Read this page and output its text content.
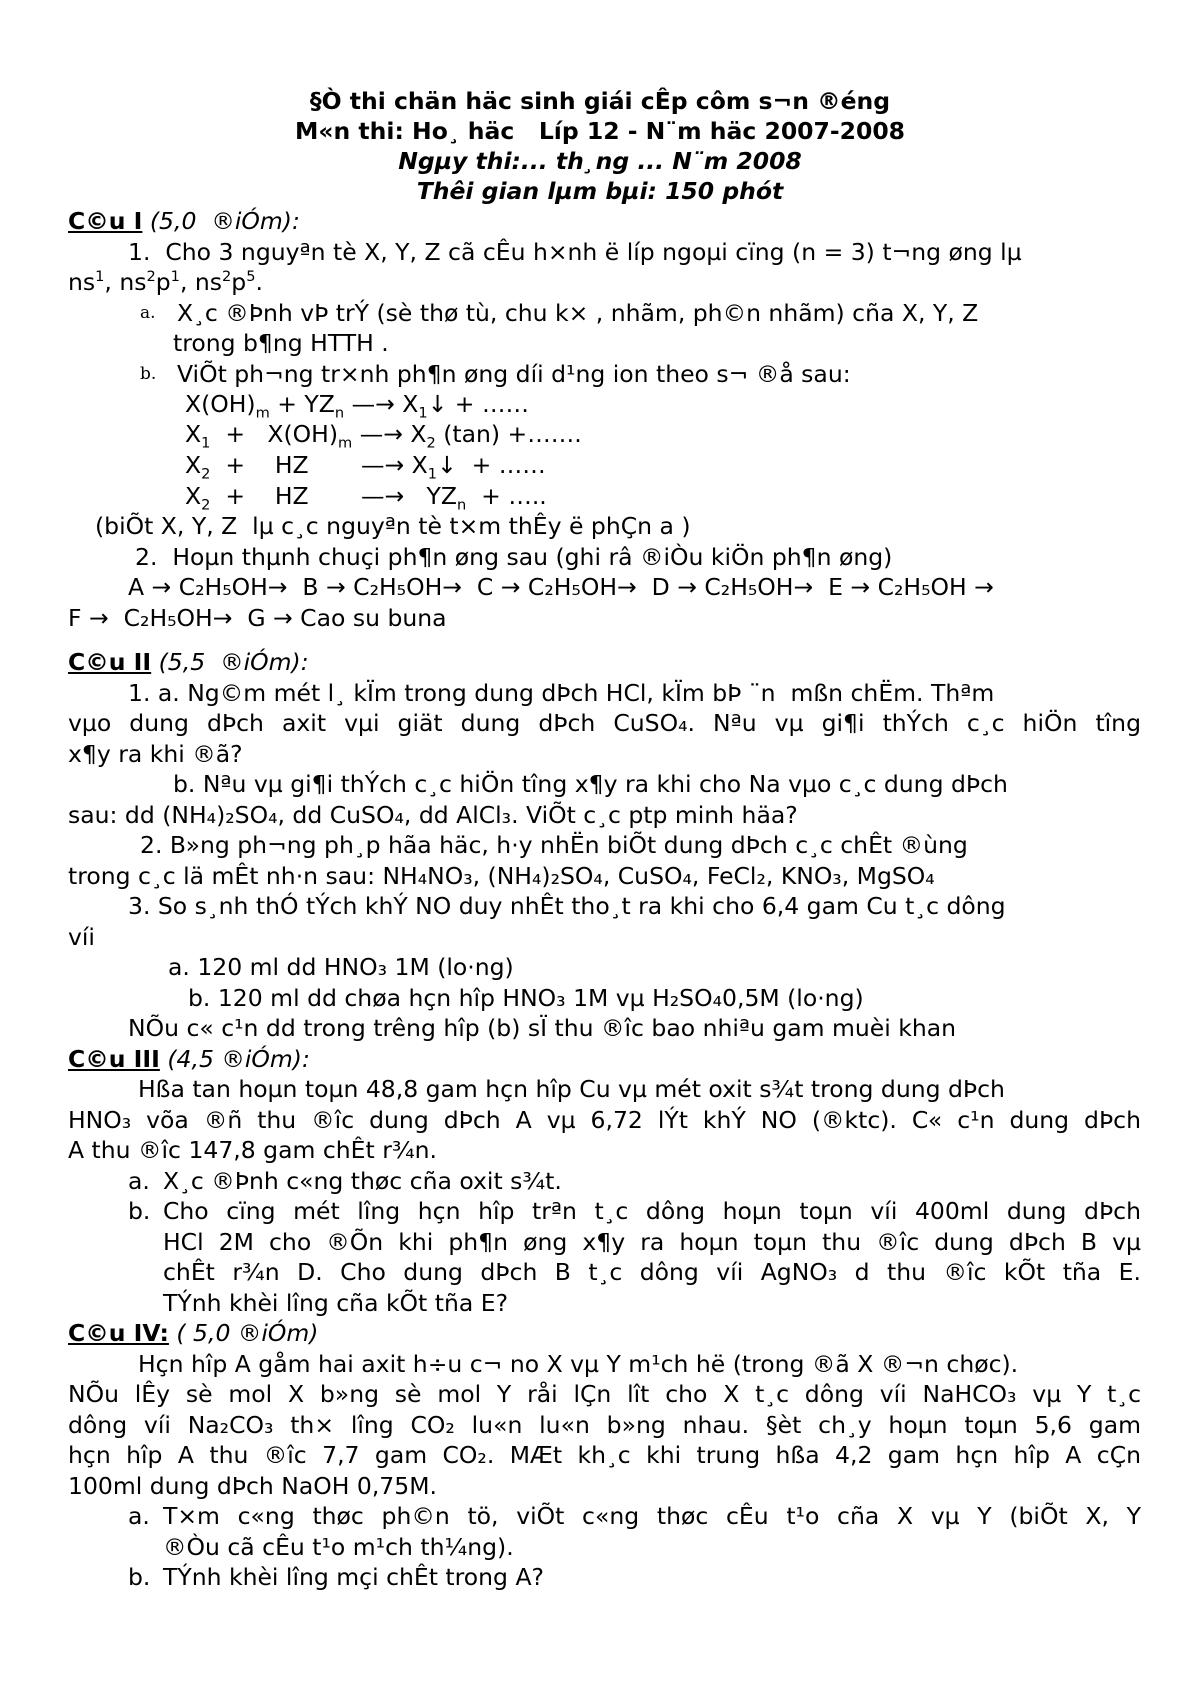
§Ò thi chän häc sinh giái cÊp côm s¬n ®éng
M«n thi: Ho¸ häc   Líp 12 - N¨m häc 2007-2008
Ngµy thi:... th¸ng ... N¨m 2008
Thêi gian lµm bµi: 150 phót
C©u I (5,0  ®iÓm):
1.  Cho 3 nguyªn tè X, Y, Z cã cÊu h×nh ë líp ngoµi cïng (n = 3) t¬ng øng lµ
$ns^1$, $ns^2p^1$, $ns^2p^5$.
a. X¸c ®Þnh vÞ trÝ (sè thø tù, chu k× , nhãm, ph©n nhãm) cña X, Y, Z
trong b¶ng HTTH .
b. ViÕt ph¬ng tr×nh ph¶n øng díi d¹ng ion theo s¬ ®å sau:
$X(OH)_m + YZ_n$ —→ $X_1↓$ + ……
$X_1 + X(OH)_m$ —→ $X_2$ (tan) +…….
$X_2$  +    HZ       —→ $X_1↓$  + ……
$X_2$  +    HZ       —→   $YZ_n$  + …..
(biÕt X, Y, Z  lµ c¸c nguyªn tè t×m thÊy ë phÇn a )
2.  Hoµn thµnh chuçi ph¶n øng sau (ghi râ ®iÒu kiÖn ph¶n øng)
A → C₂H₅OH→  B → C₂H₅OH→  C → C₂H₅OH→  D → C₂H₅OH→  E → C₂H₅OH →
F →  C₂H₅OH→  G → Cao su buna
C©u II (5,5  ®iÓm):
1. a. Ng©m mét l¸ kÏm trong dung dÞch HCl, kÏm bÞ ¨n  mßn chËm. Thªm
vµo dung dÞch axit vµi giät dung dÞch CuSO₄. Nªu vµ gi¶i thÝch c¸c hiÖn tîng
x¶y ra khi ®ã?
b. Nªu vµ gi¶i thÝch c¸c hiÖn tîng x¶y ra khi cho Na vµo c¸c dung dÞch
sau: dd (NH₄)₂SO₄, dd CuSO₄, dd AlCl₃. ViÕt c¸c ptp minh häa?
2. B»ng ph¬ng ph¸p hãa häc, h·y nhËn biÕt dung dÞch c¸c chÊt ®ùng
trong c¸c lä mÊt nh·n sau: NH₄NO₃, (NH₄)₂SO₄, CuSO₄, FeCl₂, KNO₃, MgSO₄
3. So s¸nh thÓ tÝch khÝ NO duy nhÊt tho¸t ra khi cho 6,4 gam Cu t¸c dông
víi
a. 120 ml dd HNO₃ 1M (lo·ng)
b. 120 ml dd chøa hçn hîp HNO₃ 1M vµ H₂SO₄0,5M (lo·ng)
NÕu c« c¹n dd trong trêng hîp (b) sÏ thu ®îc bao nhiªu gam muèi khan
C©u III (4,5 ®iÓm):
Hßa tan hoµn toµn 48,8 gam hçn hîp Cu vµ mét oxit s¾t trong dung dÞch
HNO₃ võa ®ñ thu ®îc dung dÞch A vµ 6,72 lÝt khÝ NO (®ktc). C« c¹n dung dÞch
A thu ®îc 147,8 gam chÊt r¾n.
a. X¸c ®Þnh c«ng thøc cña oxit s¾t.
b. Cho cïng mét lîng hçn hîp trªn t¸c dông hoµn toµn víi 400ml dung dÞch
HCl 2M cho ®Õn khi ph¶n øng x¶y ra hoµn toµn thu ®îc dung dÞch B vµ
chÊt r¾n D. Cho dung dÞch B t¸c dông víi AgNO₃ d thu ®îc kÕt tña E.
TÝnh khèi lîng cña kÕt tña E?
C©u IV: ( 5,0 ®iÓm)
Hçn hîp A gåm hai axit h÷u c¬ no X vµ Y m¹ch hë (trong ®ã X ®¬n chøc).
NÕu lÊy sè mol X b»ng sè mol Y råi lÇn lît cho X t¸c dông víi NaHCO₃ vµ Y t¸c
dông víi Na₂CO₃ th× lîng CO₂ lu«n lu«n b»ng nhau. §èt ch¸y hoµn toµn 5,6 gam
hçn hîp A thu ®îc 7,7 gam CO₂. MÆt kh¸c khi trung hßa 4,2 gam hçn hîp A cÇn
100ml dung dÞch NaOH 0,75M.
a. T×m c«ng thøc ph©n tö, viÕt c«ng thøc cÊu t¹o cña X vµ Y (biÕt X, Y
®Òu cã cÊu t¹o m¹ch th¼ng).
b. TÝnh khèi lîng mçi chÊt trong A?
